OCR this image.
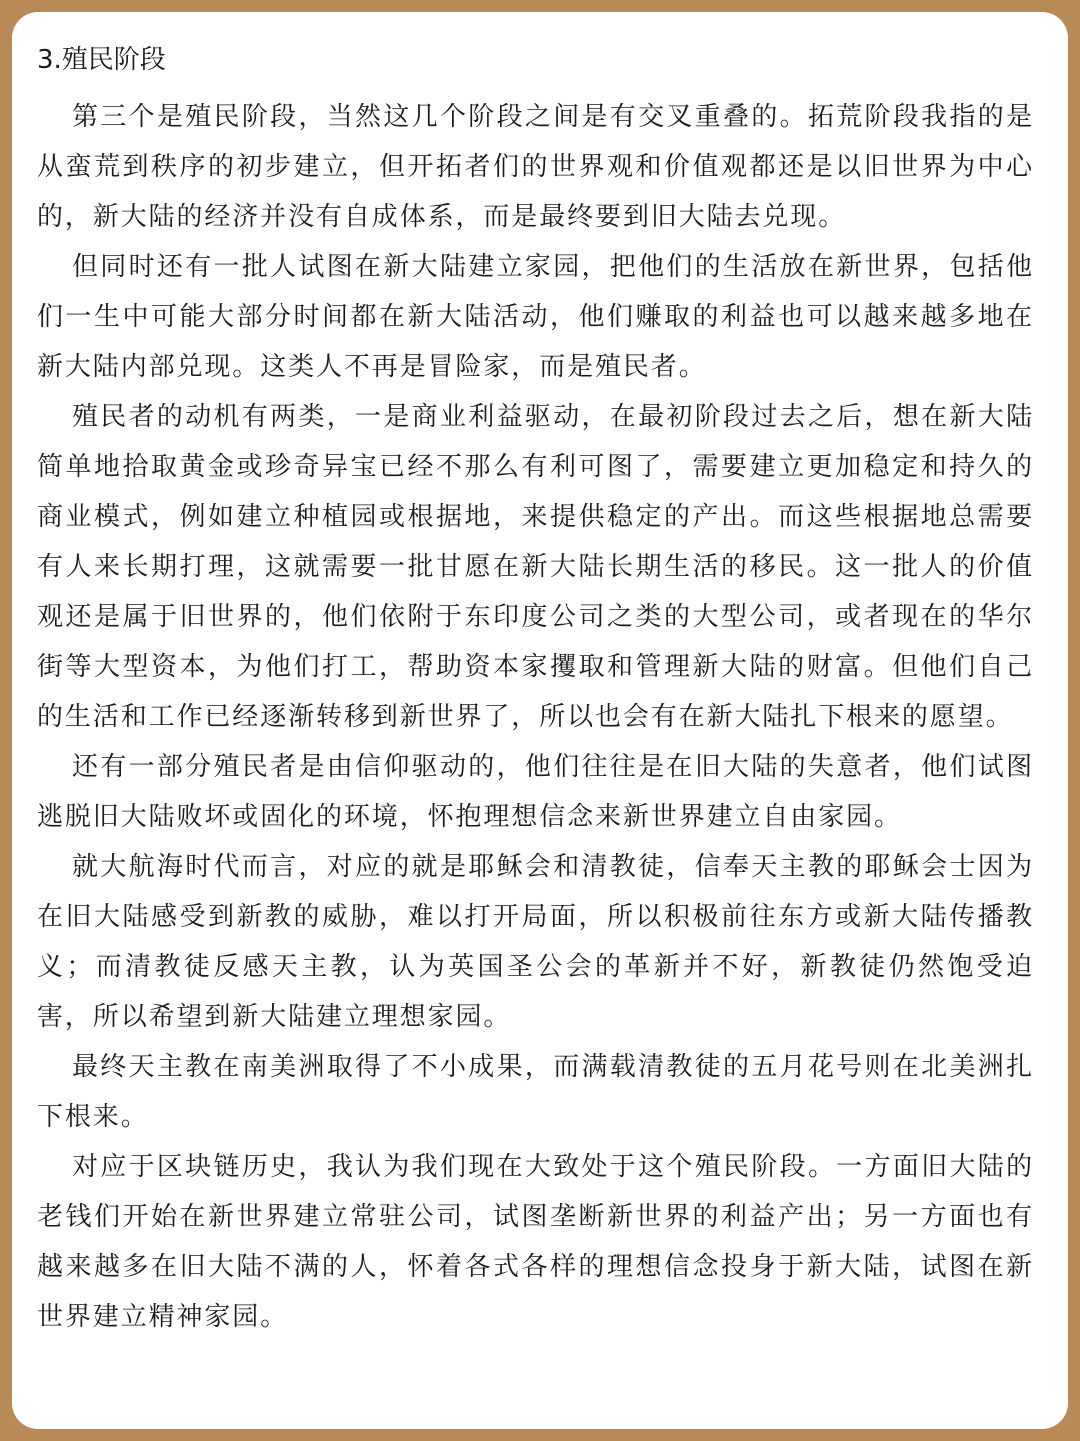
3.殖民阶段

第三个是殖民阶段，当然这几个阶段之间是有交叉重叠的。拓荒阶段我指的是从蛮荒到秩序的初步建立，但开拓者们的世界观和价值观都还是以旧世界为中心的，新大陆的经济并没有自成体系，而是最终要到旧大陆去兑现。

但同时还有一批人试图在新大陆建立家园，把他们的生活放在新世界，包括他们一生中可能大部分时间都在新大陆活动，他们赚取的利益也可以越来越多地在新大陆内部兑现。这类人不再是冒险家，而是殖民者。

殖民者的动机有两类，一是商业利益驱动，在最初阶段过去之后，想在新大陆简单地拾取黄金或珍奇异宝已经不那么有利可图了，需要建立更加稳定和持久的商业模式，例如建立种植园或根据地，来提供稳定的产出。而这些根据地总需要有人来长期打理，这就需要一批甘愿在新大陆长期生活的移民。这一批人的价值观还是属于旧世界的，他们依附于东印度公司之类的大型公司，或者现在的华尔街等大型资本，为他们打工，帮助资本家攫取和管理新大陆的财富。但他们自己的生活和工作已经逐渐转移到新世界了，所以也会有在新大陆扎下根来的愿望。

还有一部分殖民者是由信仰驱动的，他们往往是在旧大陆的失意者，他们试图逃脱旧大陆败坏或固化的环境，怀抱理想信念来新世界建立自由家园。

就大航海时代而言，对应的就是耶稣会和清教徒，信奉天主教的耶稣会士因为在旧大陆感受到新教的威胁，难以打开局面，所以积极前往东方或新大陆传播教义；而清教徒反感天主教，认为英国圣公会的革新并不好，新教徒仍然饱受迫害，所以希望到新大陆建立理想家园。

最终天主教在南美洲取得了不小成果，而满载清教徒的五月花号则在北美洲扎下根来。

对应于区块链历史，我认为我们现在大致处于这个殖民阶段。一方面旧大陆的老钱们开始在新世界建立常驻公司，试图垄断新世界的利益产出；另一方面也有越来越多在旧大陆不满的人，怀着各式各样的理想信念投身于新大陆，试图在新世界建立精神家园。
